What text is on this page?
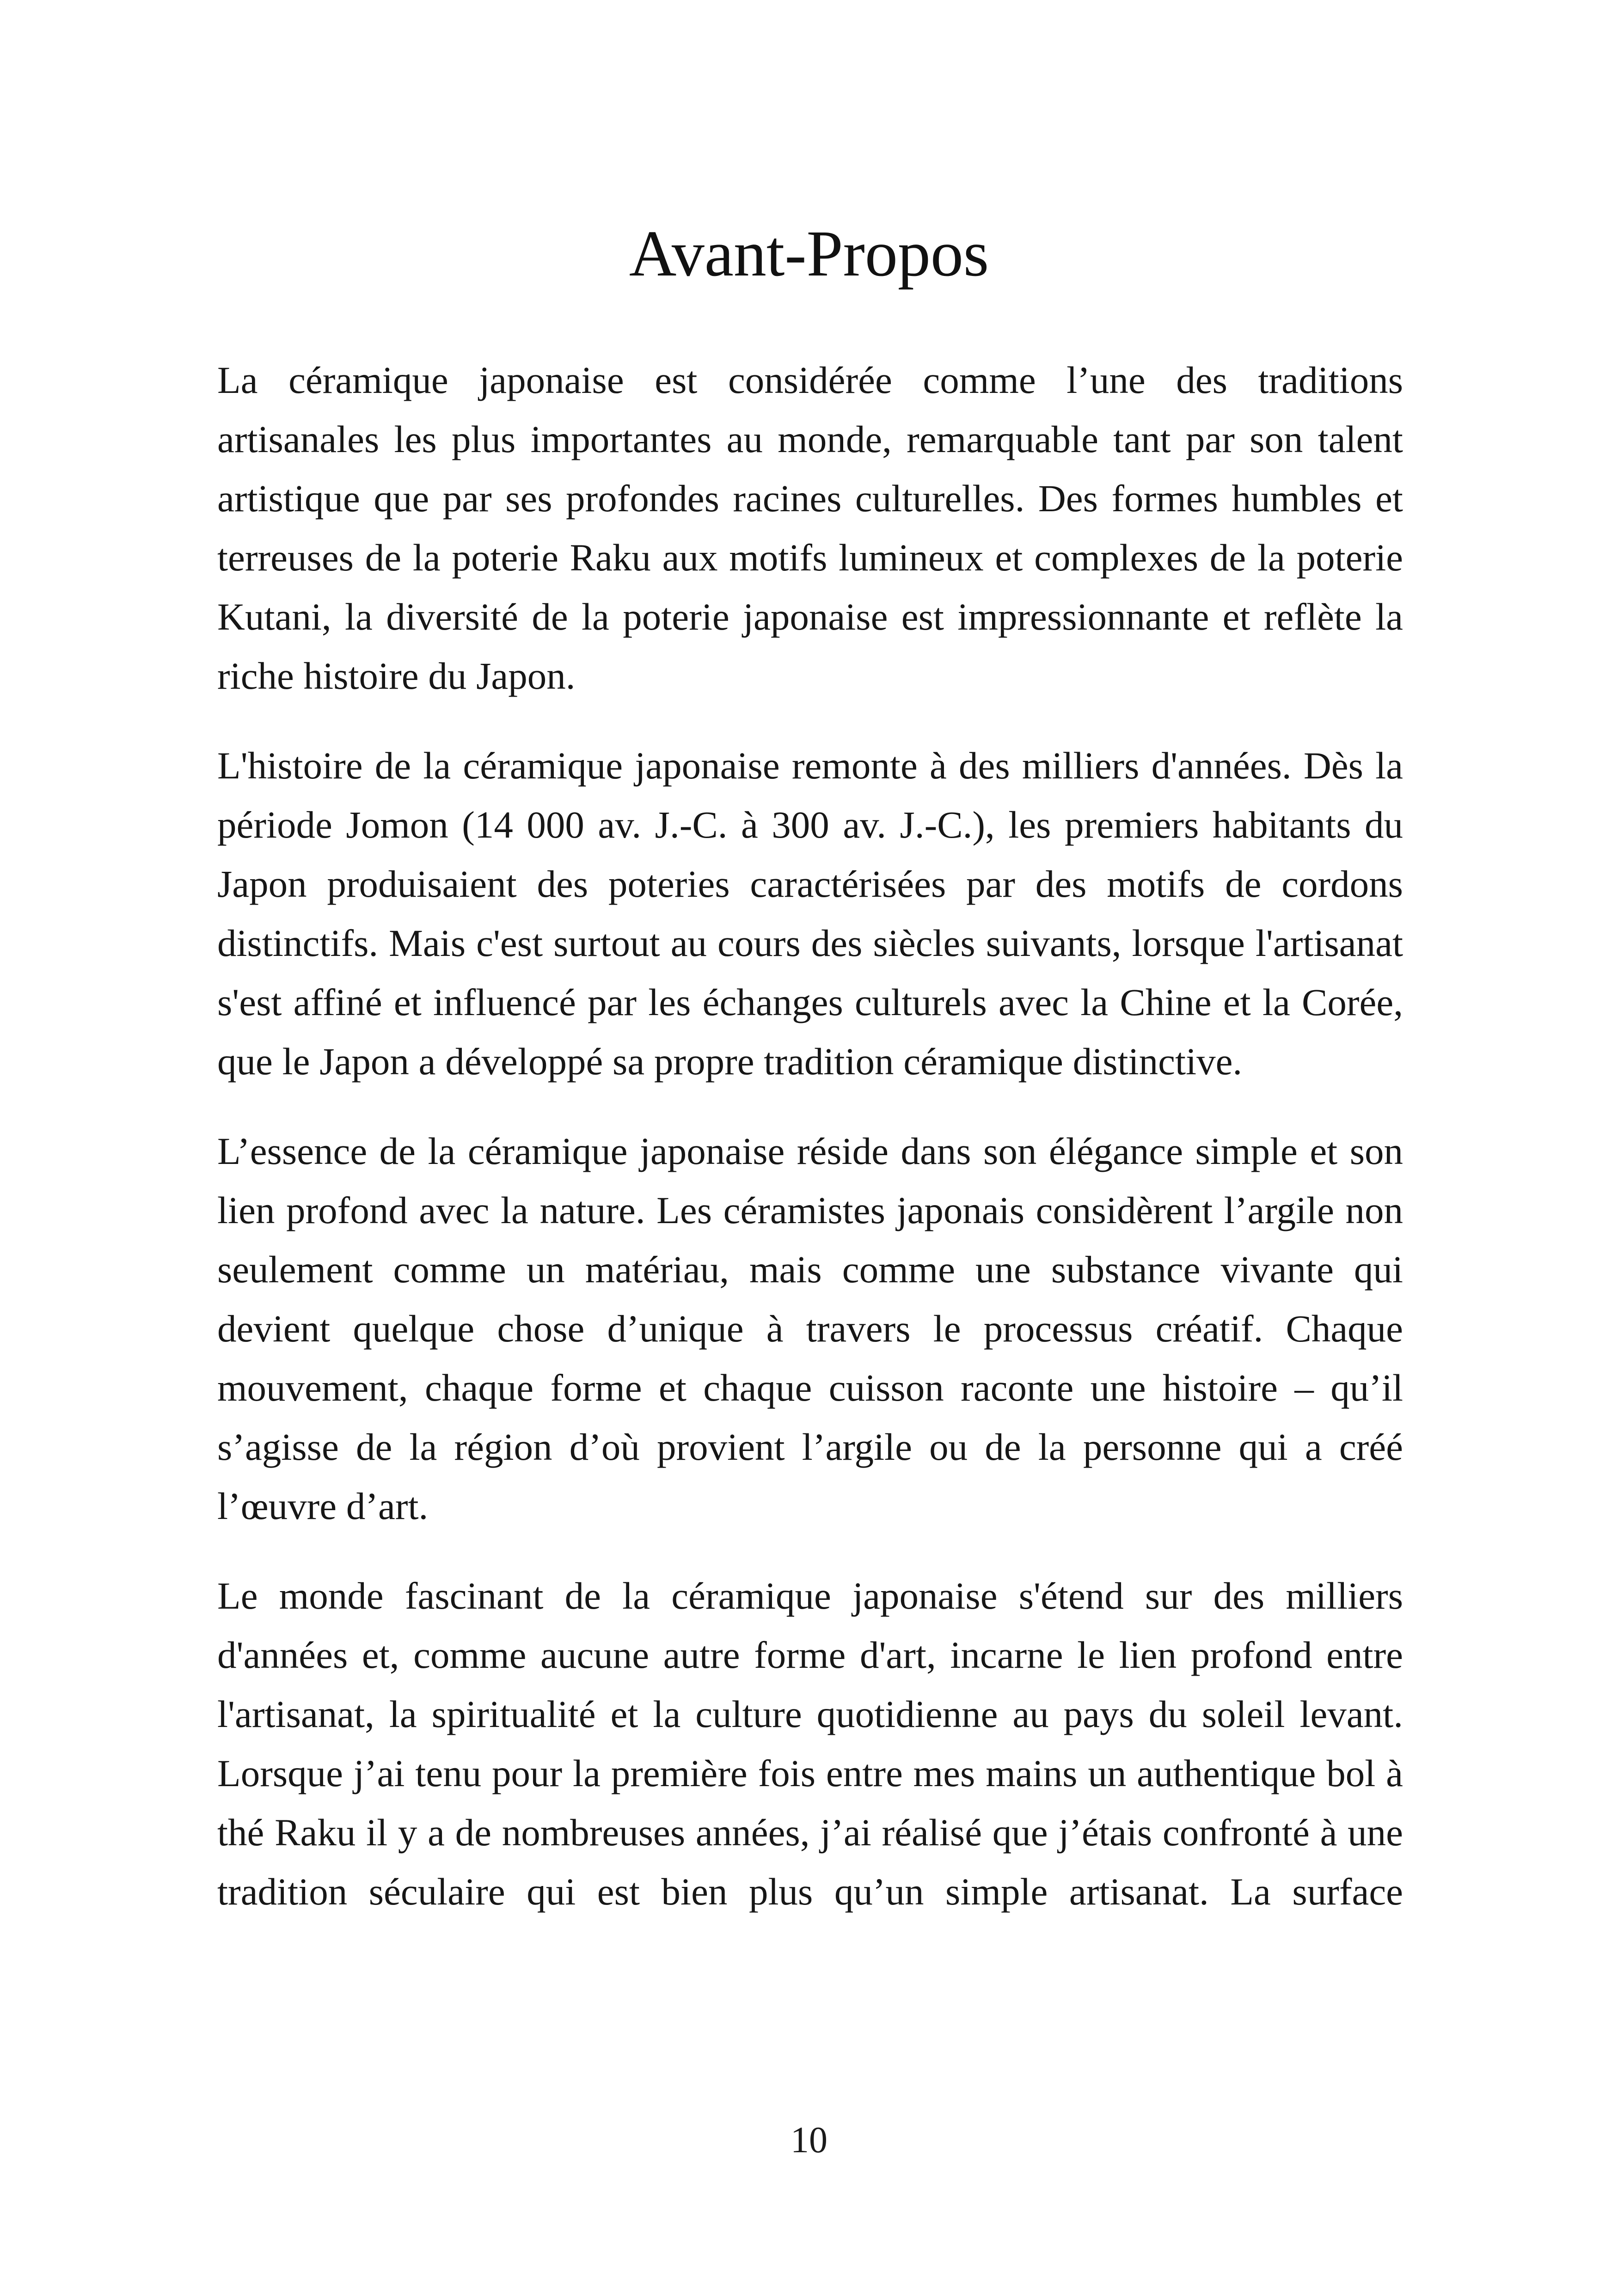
Avant-Propos

La céramique japonaise est considérée comme l’une des traditions artisanales les plus importantes au monde, remarquable tant par son talent artistique que par ses profondes racines culturelles. Des formes humbles et terreuses de la poterie Raku aux motifs lumineux et complexes de la poterie Kutani, la diversité de la poterie japonaise est impressionnante et reflète la riche histoire du Japon.

L'histoire de la céramique japonaise remonte à des milliers d'années. Dès la période Jomon (14 000 av. J.-C. à 300 av. J.-C.), les premiers habitants du Japon produisaient des poteries caractérisées par des motifs de cordons distinctifs. Mais c'est surtout au cours des siècles suivants, lorsque l'artisanat s'est affiné et influencé par les échanges culturels avec la Chine et la Corée, que le Japon a développé sa propre tradition céramique distinctive.

L’essence de la céramique japonaise réside dans son élégance simple et son lien profond avec la nature. Les céramistes japonais considèrent l’argile non seulement comme un matériau, mais comme une substance vivante qui devient quelque chose d’unique à travers le processus créatif. Chaque mouvement, chaque forme et chaque cuisson raconte une histoire – qu’il s’agisse de la région d’où provient l’argile ou de la personne qui a créé l’œuvre d’art.

Le monde fascinant de la céramique japonaise s'étend sur des milliers d'années et, comme aucune autre forme d'art, incarne le lien profond entre l'artisanat, la spiritualité et la culture quotidienne au pays du soleil levant. Lorsque j’ai tenu pour la première fois entre mes mains un authentique bol à thé Raku il y a de nombreuses années, j’ai réalisé que j’étais confronté à une tradition séculaire qui est bien plus qu’un simple artisanat. La surface

10
